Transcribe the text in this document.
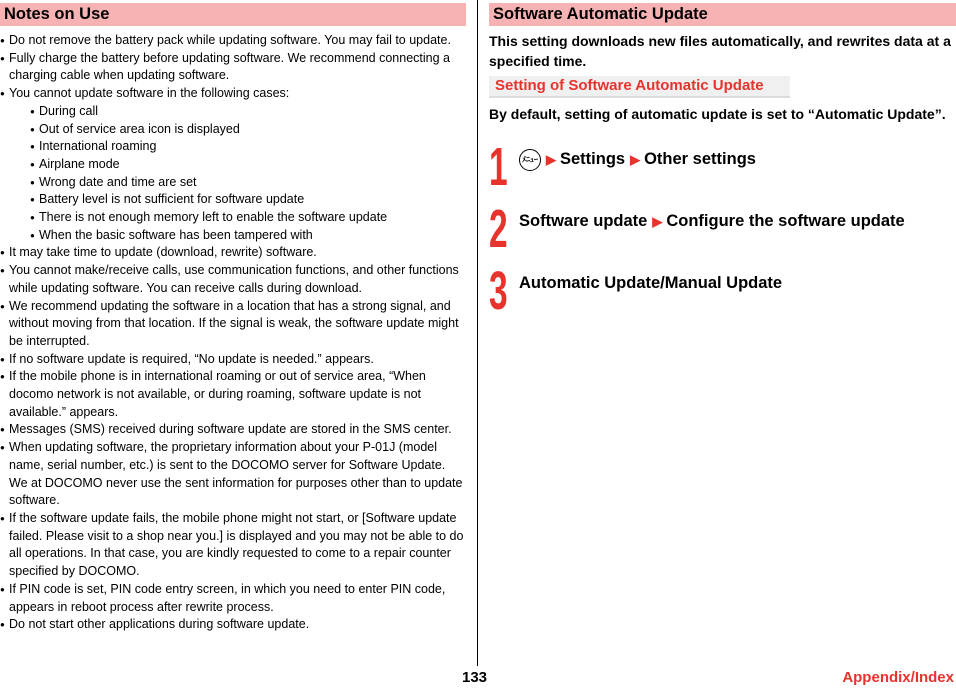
Notes on Use
● Do not remove the battery pack while updating software. You may fail to update.
● Fully charge the battery before updating software. We recommend connecting a charging cable when updating software.
● You cannot update software in the following cases:
● During call
● Out of service area icon is displayed
● International roaming
● Airplane mode
● Wrong date and time are set
● Battery level is not sufficient for software update
● There is not enough memory left to enable the software update
● When the basic software has been tampered with
● It may take time to update (download, rewrite) software.
● You cannot make/receive calls, use communication functions, and other functions while updating software. You can receive calls during download.
● We recommend updating the software in a location that has a strong signal, and without moving from that location. If the signal is weak, the software update might be interrupted.
● If no software update is required, “No update is needed.” appears.
● If the mobile phone is in international roaming or out of service area, “When docomo network is not available, or during roaming, software update is not available.” appears.
● Messages (SMS) received during software update are stored in the SMS center.
● When updating software, the proprietary information about your P-01J (model name, serial number, etc.) is sent to the DOCOMO server for Software Update. We at DOCOMO never use the sent information for purposes other than to update software.
● If the software update fails, the mobile phone might not start, or [Software update failed. Please visit to a shop near you.] is displayed and you may not be able to do all operations. In that case, you are kindly requested to come to a repair counter specified by DOCOMO.
● If PIN code is set, PIN code entry screen, in which you need to enter PIN code, appears in reboot process after rewrite process.
● Do not start other applications during software update.
Software Automatic Update
This setting downloads new files automatically, and rewrites data at a specified time.
Setting of Software Automatic Update
By default, setting of automatic update is set to “Automatic Update”.
1	ﾒﾆｭｰ ▶ Settings ▶ Other settings
2 Software update ▶ Configure the software update
3 Automatic Update/Manual Update
133	Appendix/Index
